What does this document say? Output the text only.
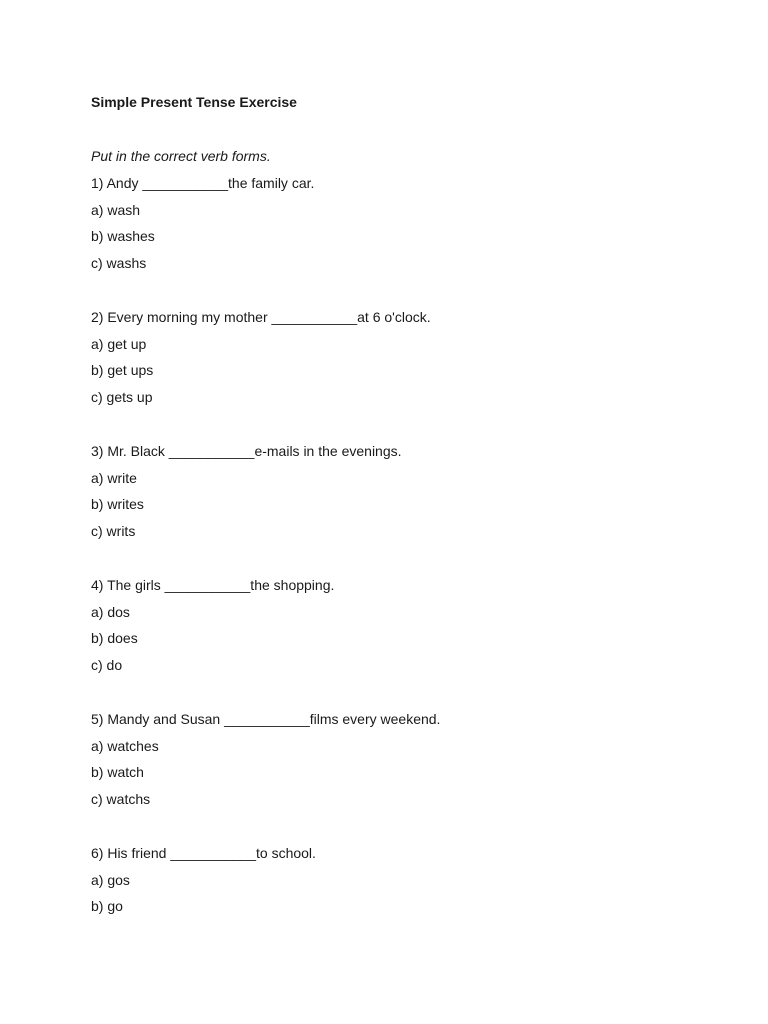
Simple Present Tense Exercise
Put in the correct verb forms.
1) Andy ___________the family car.
a) wash
b) washes
c) washs
2) Every morning my mother ___________at 6 o'clock.
a) get up
b) get ups
c) gets up
3) Mr. Black ___________e-mails in the evenings.
a) write
b) writes
c) writs
4) The girls ___________the shopping.
a) dos
b) does
c) do
5) Mandy and Susan ___________films every weekend.
a) watches
b) watch
c) watchs
6) His friend ___________to school.
a) gos
b) go
